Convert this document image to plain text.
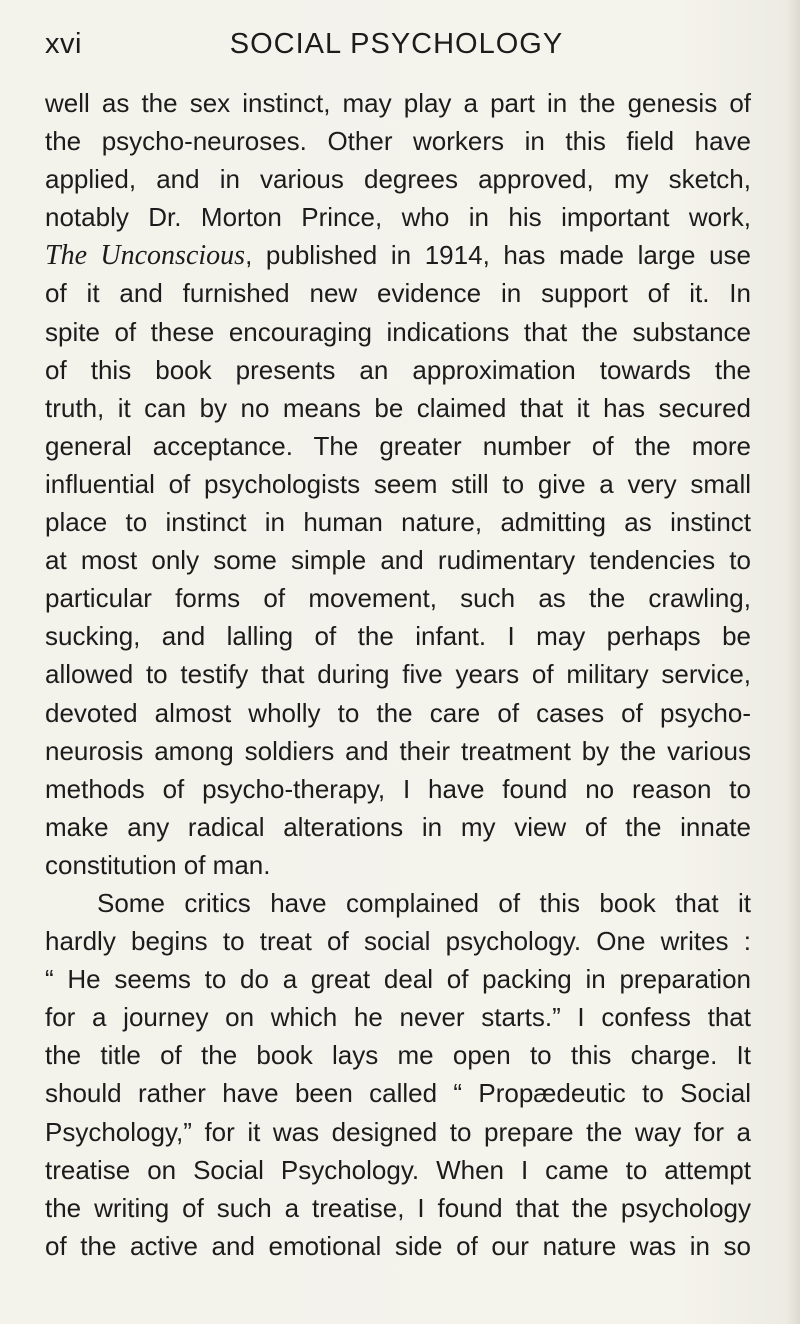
xvi	SOCIAL PSYCHOLOGY
well as the sex instinct, may play a part in the genesis of
the psycho-neuroses. Other workers in this field have
applied, and in various degrees approved, my sketch,
notably Dr. Morton Prince, who in his important work,
The Unconscious, published in 1914, has made large use
of it and furnished new evidence in support of it. In
spite of these encouraging indications that the substance
of this book presents an approximation towards the
truth, it can by no means be claimed that it has secured
general acceptance. The greater number of the more
influential of psychologists seem still to give a very small
place to instinct in human nature, admitting as instinct
at most only some simple and rudimentary tendencies to
particular forms of movement, such as the crawling,
sucking, and lalling of the infant. I may perhaps be
allowed to testify that during five years of military service,
devoted almost wholly to the care of cases of psycho-
neurosis among soldiers and their treatment by the various
methods of psycho-therapy, I have found no reason to
make any radical alterations in my view of the innate
constitution of man.
Some critics have complained of this book that it
hardly begins to treat of social psychology. One writes :
“ He seems to do a great deal of packing in preparation
for a journey on which he never starts.” I confess that
the title of the book lays me open to this charge. It
should rather have been called “ Propædeutic to Social
Psychology,” for it was designed to prepare the way for a
treatise on Social Psychology. When I came to attempt
the writing of such a treatise, I found that the psychology
of the active and emotional side of our nature was in so
